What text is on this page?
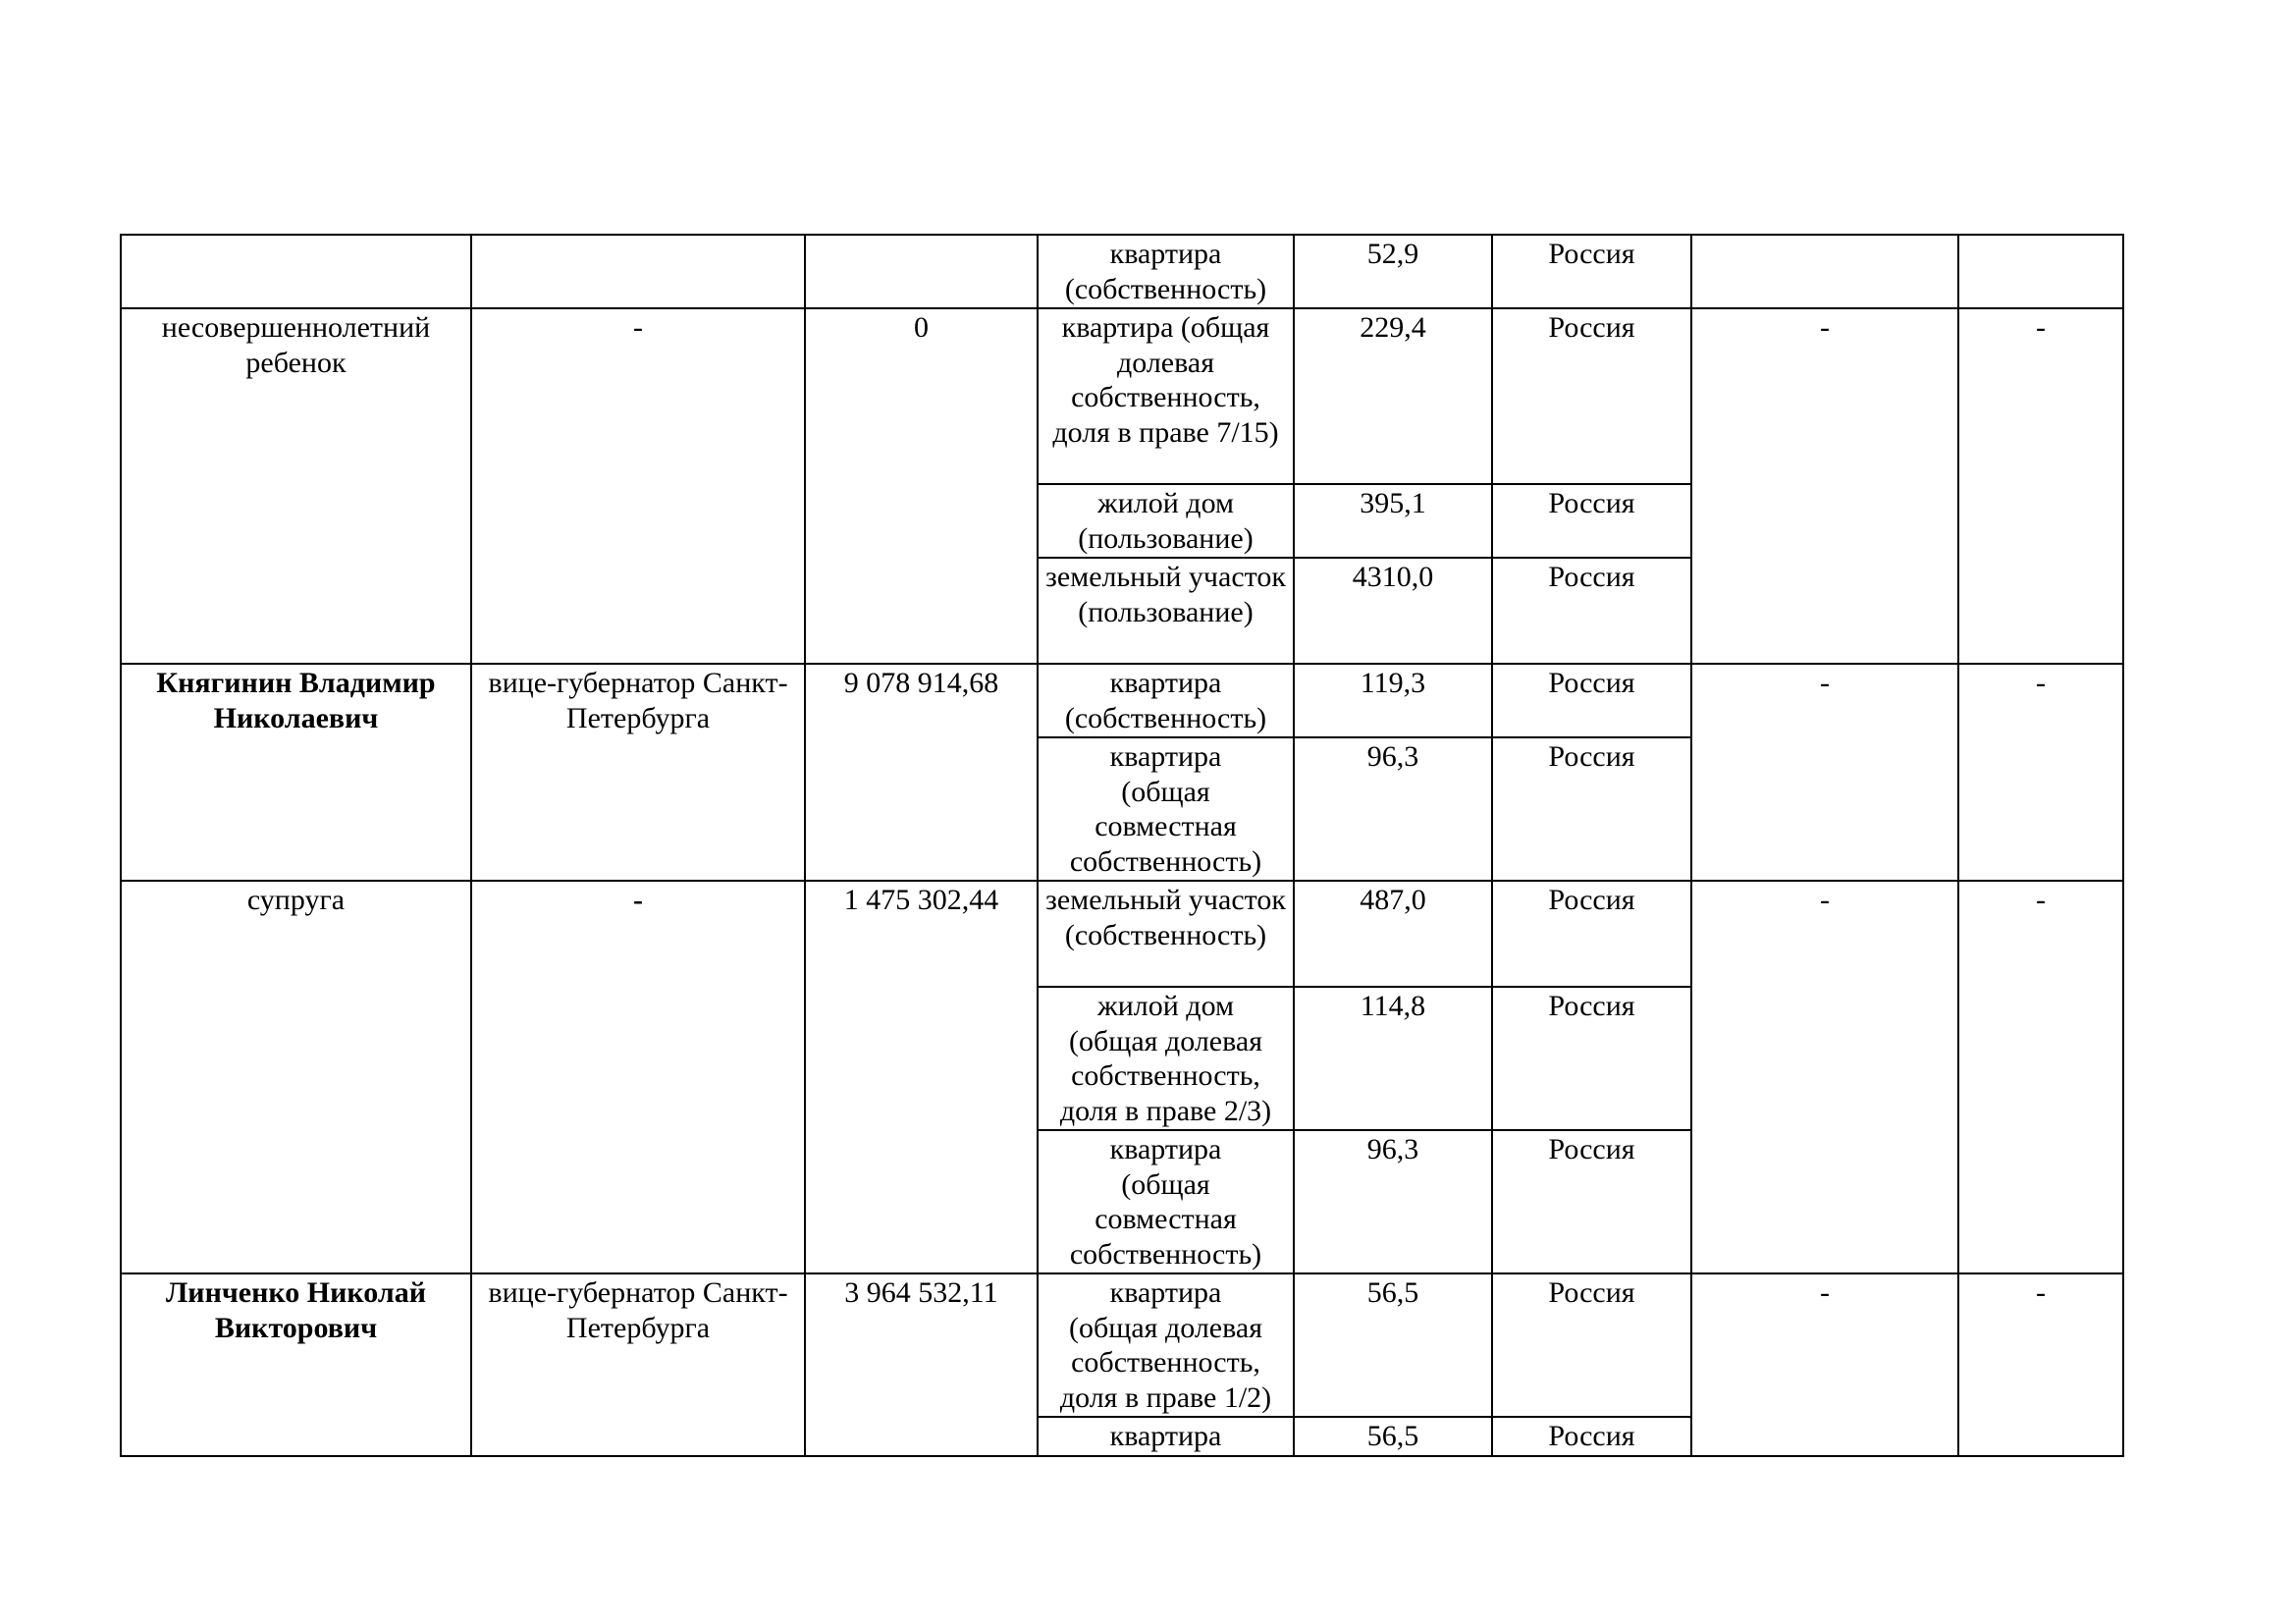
			квартира
(собственность)	52,9	Россия		
несовершеннолетний ребенок	-	0	квартира (общая долевая собственность, доля в праве 7/15)	229,4	Россия	-	-
			жилой дом (пользование)	395,1	Россия		
			земельный участок (пользование)	4310,0	Россия		
Княгинин Владимир Николаевич	вице-губернатор Санкт-Петербурга	9 078 914,68	квартира (собственность)	119,3	Россия	-	-
			квартира
(общая
совместная
собственность)	96,3	Россия		
супруга	-	1 475 302,44	земельный участок (собственность)	487,0	Россия	-	-
			жилой дом
(общая долевая
собственность,
доля в праве 2/3)	114,8	Россия		
			квартира
(общая
совместная
собственность)	96,3	Россия		
Линченко Николай Викторович	вице-губернатор Санкт-Петербурга	3 964 532,11	квартира
(общая долевая
собственность,
доля в праве 1/2)	56,5	Россия	-	-
			квартира	56,5	Россия		
